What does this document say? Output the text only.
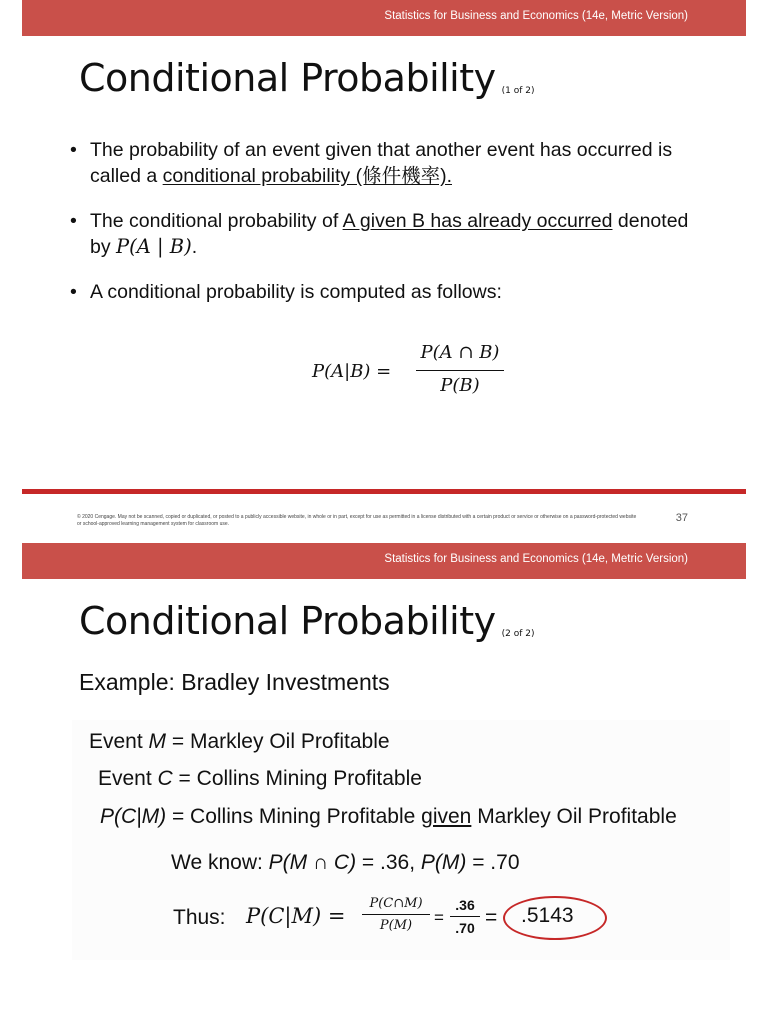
Statistics for Business and Economics (14e, Metric Version)
Conditional Probability (1 of 2)
• The probability of an event given that another event has occurred is called a conditional probability (條件機率).
• The conditional probability of A given B has already occurred denoted by P(A | B).
• A conditional probability is computed as follows:
P(A|B) =
P(A ∩ B)
P(B)
© 2020 Cengage. May not be scanned, copied or duplicated, or posted to a publicly accessible website, in whole or in part, except for use as permitted in a license distributed with a certain product or service or otherwise on a password-protected website or school-approved learning management system for classroom use.	37
Statistics for Business and Economics (14e, Metric Version)
Conditional Probability (2 of 2)
Example: Bradley Investments
Event M = Markley Oil Profitable
Event C = Collins Mining Profitable
P(C|M) = Collins Mining Profitable given Markley Oil Profitable
We know: P(M ∩ C) = .36, P(M) = .70
Thus: P(C|M) =
P(C∩M)
P(M)	=
.36
.70 = .5143
